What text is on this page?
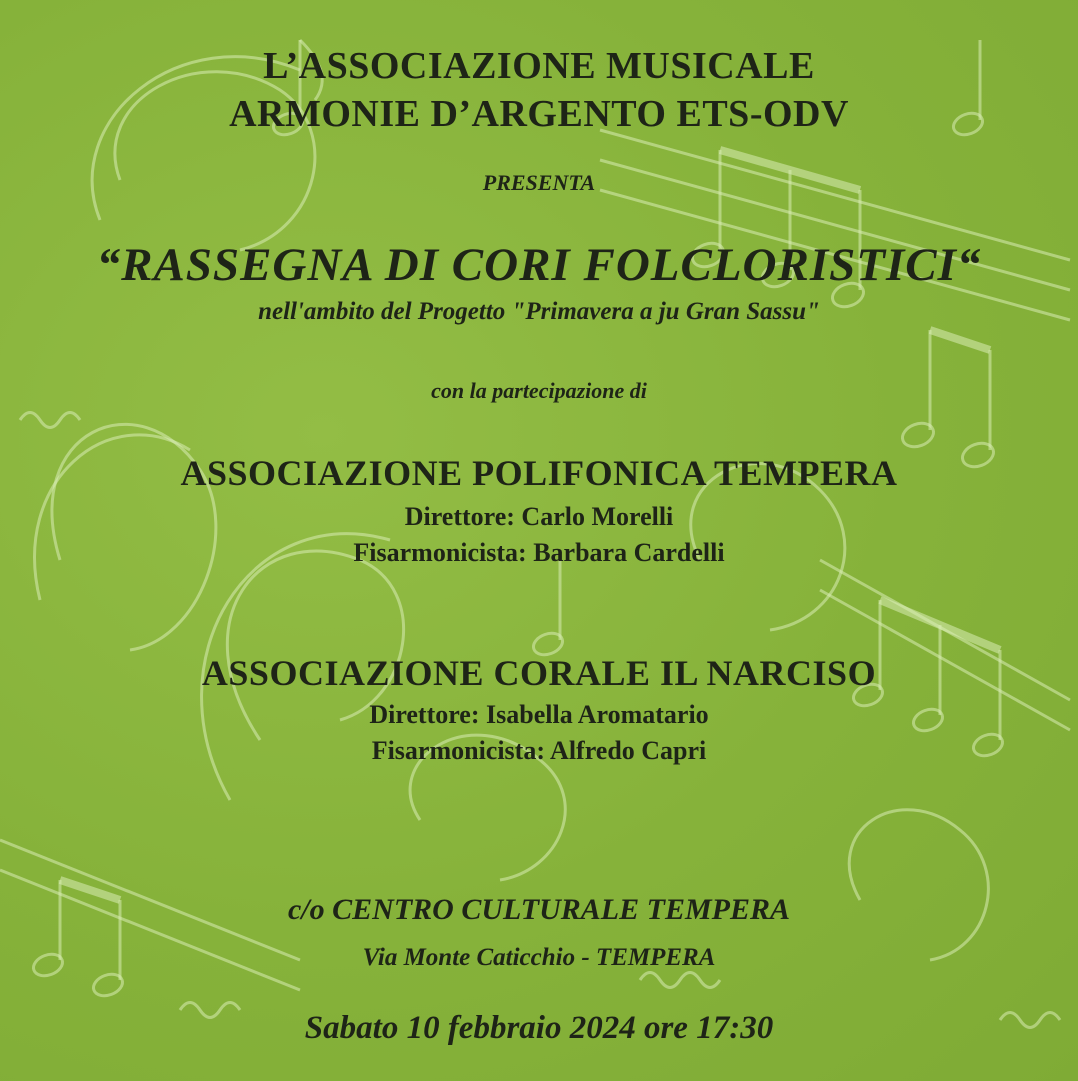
L’ASSOCIAZIONE MUSICALE
ARMONIE D’ARGENTO ETS-ODV
PRESENTA
“RASSEGNA DI CORI FOLCLORISTICI“
nell'ambito del Progetto "Primavera a ju Gran Sassu"
con la partecipazione di
ASSOCIAZIONE POLIFONICA TEMPERA
Direttore: Carlo Morelli
Fisarmonicista: Barbara Cardelli
ASSOCIAZIONE CORALE IL NARCISO
Direttore: Isabella Aromatario
Fisarmonicista: Alfredo Capri
c/o CENTRO CULTURALE TEMPERA
Via Monte Caticchio - TEMPERA
Sabato 10 febbraio 2024 ore 17:30
